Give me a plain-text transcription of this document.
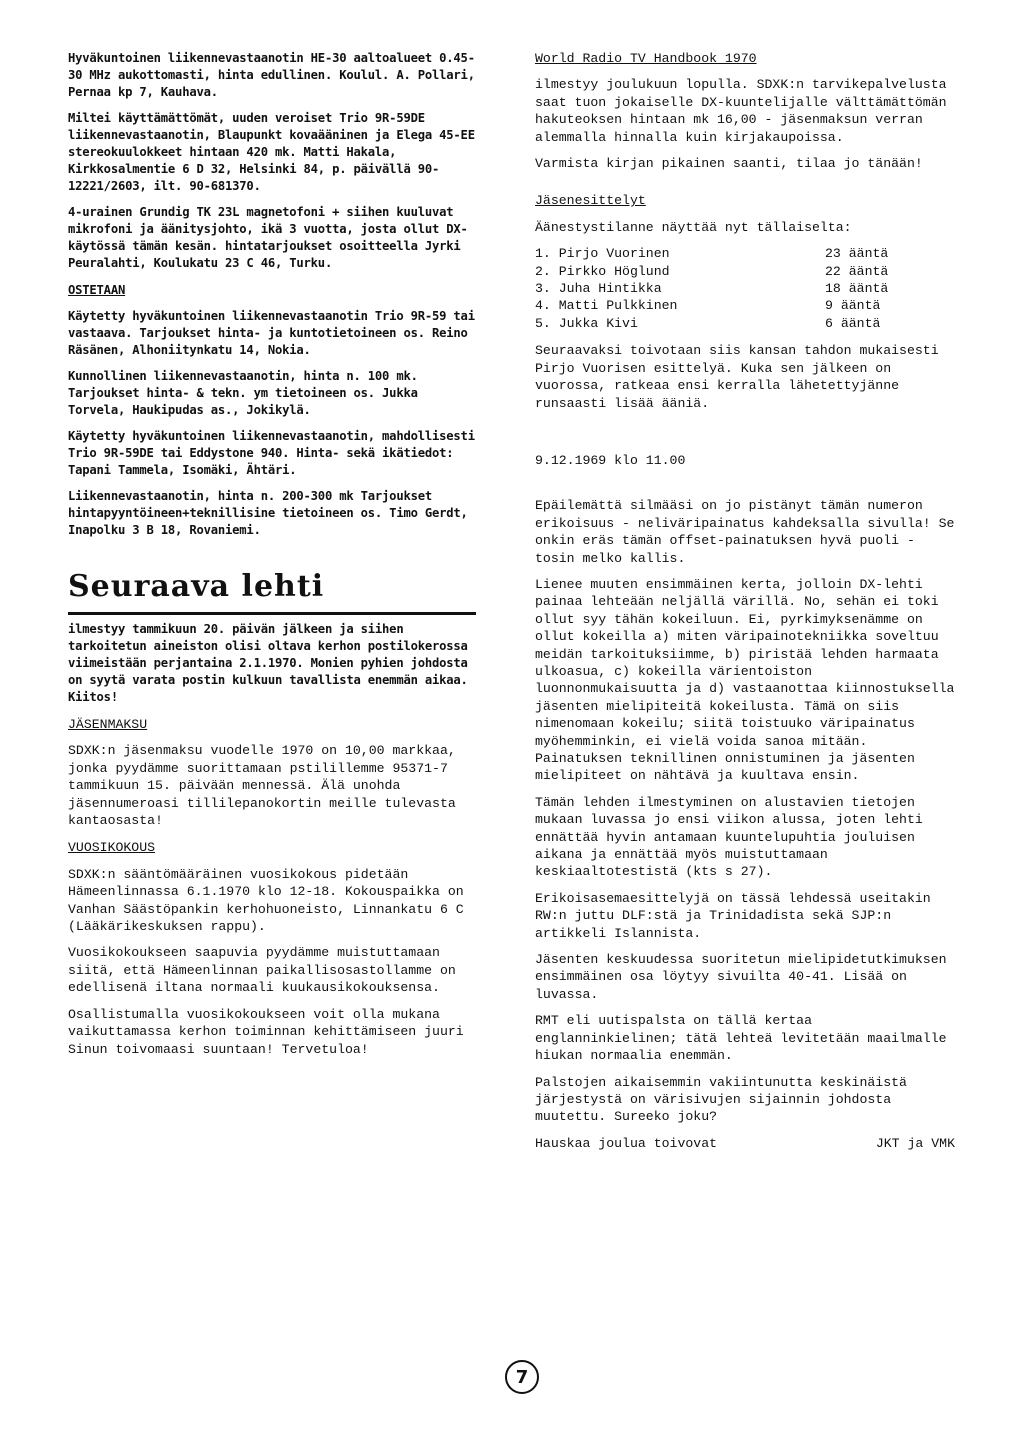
Hyväkuntoinen liikennevastaanotin HE-30 aaltoalueet 0.45-30 MHz aukottomasti, hinta edullinen. Koulul. A. Pollari, Pernaa kp 7, Kauhava.

Miltei käyttämättömät, uuden veroiset Trio 9R-59DE liikennevastaanotin, Blaupunkt kovaääninen ja Elega 45-EE stereokuulokkeet hintaan 420 mk. Matti Hakala, Kirkkosalmentie 6 D 32, Helsinki 84, p. päivällä 90-12221/2603, ilt. 90-681370.

4-urainen Grundig TK 23L magnetofoni + siihen kuuluvat mikrofoni ja äänitysjohto, ikä 3 vuotta, josta ollut DX-käytössä tämän kesän. hintatarjoukset osoitteella Jyrki Peuralahti, Koulukatu 23 C 46, Turku.

OSTETAAN

Käytetty hyväkuntoinen liikennevastaanotin Trio 9R-59 tai vastaava. Tarjoukset hinta- ja kuntotietoineen os. Reino Räsänen, Alhoniitynkatu 14, Nokia.

Kunnollinen liikennevastaanotin, hinta n. 100 mk. Tarjoukset hinta- & tekn. ym tietoineen os. Jukka Torvela, Haukipudas as., Jokikylä.

Käytetty hyväkuntoinen liikennevastaanotin, mahdollisesti Trio 9R-59DE tai Eddystone 940. Hinta- sekä ikätiedot: Tapani Tammela, Isomäki, Ähtäri.

Liikennevastaanotin, hinta n. 200-300 mk Tarjoukset hintapyyntöineen+teknillisine tietoineen os. Timo Gerdt, Inapolku 3 B 18, Rovaniemi.

Seuraava lehti

ilmestyy tammikuun 20. päivän jälkeen ja siihen tarkoitetun aineiston olisi oltava kerhon postilokerossa viimeistään perjantaina 2.1.1970. Monien pyhien johdosta on syytä varata postin kulkuun tavallista enemmän aikaa. Kiitos!

JÄSENMAKSU

SDXK:n jäsenmaksu vuodelle 1970 on 10,00 markkaa, jonka pyydämme suorittamaan pstilillemme 95371-7 tammikuun 15. päivään mennessä. Älä unohda jäsennumeroasi tillilepanokortin meille tulevasta kantaosasta!

VUOSIKOKOUS

SDXK:n sääntömääräinen vuosikokous pidetään Hämeenlinnassa 6.1.1970 klo 12-18. Kokouspaikka on Vanhan Säästöpankin kerhohuoneisto, Linnankatu 6 C (Lääkärikeskuksen rappu).

Vuosikokoukseen saapuvia pyydämme muistuttamaan siitä, että Hämeenlinnan paikallisosastollamme on edellisenä iltana normaali kuukausikokouksensa.

Osallistumalla vuosikokoukseen voit olla mukana vaikuttamassa kerhon toiminnan kehittämiseen juuri Sinun toivomaasi suuntaan! Tervetuloa!

World Radio TV Handbook 1970

ilmestyy joulukuun lopulla. SDXK:n tarvikepalvelusta saat tuon jokaiselle DX-kuuntelijalle välttämättömän hakuteoksen hintaan mk 16,00 - jäsenmaksun verran alemmalla hinnalla kuin kirjakaupoissa.

Varmista kirjan pikainen saanti, tilaa jo tänään!

Jäsenesittelyt

Äänestystilanne näyttää nyt tällaiselta:

1. Pirjo Vuorinen	23 ääntä
2. Pirkko Höglund	22 ääntä
3. Juha Hintikka	18 ääntä
4. Matti Pulkkinen	9 ääntä
5. Jukka Kivi	6 ääntä

Seuraavaksi toivotaan siis kansan tahdon mukaisesti Pirjo Vuorisen esittelyä. Kuka sen jälkeen on vuorossa, ratkeaa ensi kerralla lähetettyjänne runsaasti lisää ääniä.

9.12.1969 klo 11.00

Epäilemättä silmääsi on jo pistänyt tämän numeron erikoisuus - neliväripainatus kahdeksalla sivulla! Se onkin eräs tämän offset-painatuksen hyvä puoli - tosin melko kallis.

Lienee muuten ensimmäinen kerta, jolloin DX-lehti painaa lehteään neljällä värillä. No, sehän ei toki ollut syy tähän kokeiluun. Ei, pyrkimyksenämme on ollut kokeilla a) miten väripainotekniikka soveltuu meidän tarkoituksiimme, b) piristää lehden harmaata ulkoasua, c) kokeilla värientoiston luonnonmukaisuutta ja d) vastaanottaa kiinnostuksella jäsenten mielipiteitä kokeilusta. Tämä on siis nimenomaan kokeilu; siitä toistuuko väripainatus myöhemminkin, ei vielä voida sanoa mitään. Painatuksen teknillinen onnistuminen ja jäsenten mielipiteet on nähtävä ja kuultava ensin.

Tämän lehden ilmestyminen on alustavien tietojen mukaan luvassa jo ensi viikon alussa, joten lehti ennättää hyvin antamaan kuuntelupuhtia jouluisen aikana ja ennättää myös muistuttamaan keskiaaltotestistä (kts s 27).

Erikoisasemaesittelyjä on tässä lehdessä useitakin RW:n juttu DLF:stä ja Trinidadista sekä SJP:n artikkeli Islannista.

Jäsenten keskuudessa suoritetun mielipidetutkimuksen ensimmäinen osa löytyy sivuilta 40-41. Lisää on luvassa.

RMT eli uutispalsta on tällä kertaa englanninkielinen; tätä lehteä levitetään maailmalle hiukan normaalia enemmän.

Palstojen aikaisemmin vakiintunutta keskinäistä järjestystä on värisivujen sijainnin johdosta muutettu. Sureeko joku?

Hauskaa joulua toivovat	JKT ja VMK
7
